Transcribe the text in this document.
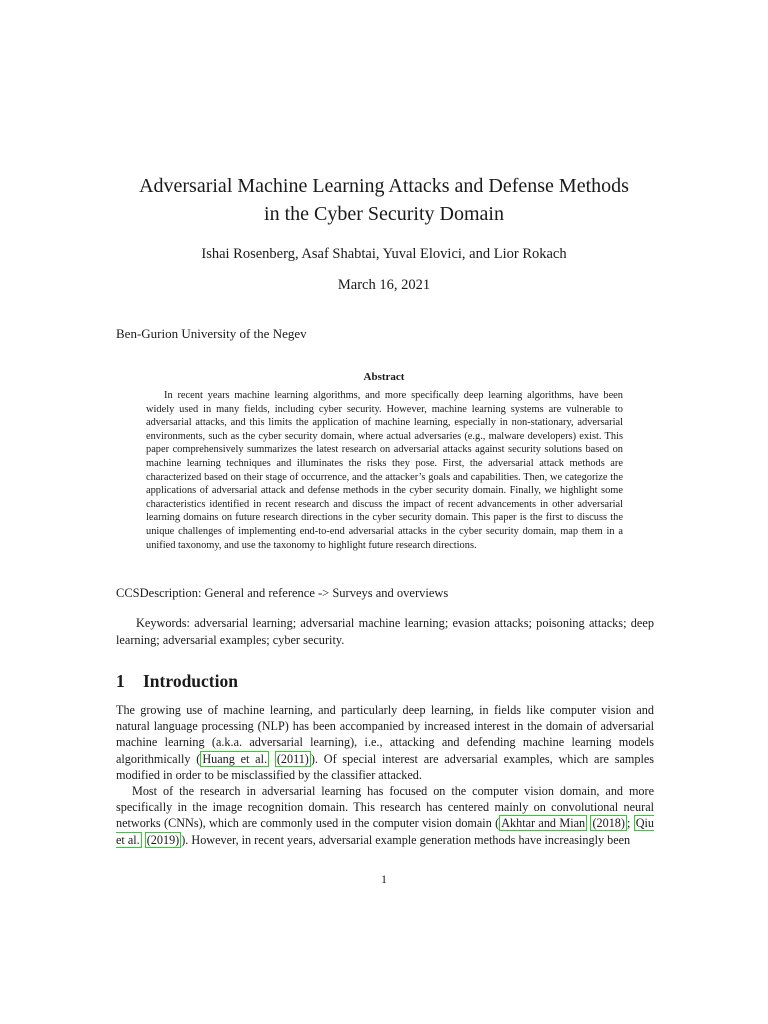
Adversarial Machine Learning Attacks and Defense Methods
in the Cyber Security Domain
Ishai Rosenberg, Asaf Shabtai, Yuval Elovici, and Lior Rokach
March 16, 2021
Ben-Gurion University of the Negev
Abstract

In recent years machine learning algorithms, and more specifically deep learning algorithms, have been widely used in many fields, including cyber security. However, machine learning systems are vulnerable to adversarial attacks, and this limits the application of machine learning, especially in non-stationary, adversarial environments, such as the cyber security domain, where actual adversaries (e.g., malware developers) exist. This paper comprehensively summarizes the latest research on adversarial attacks against security solutions based on machine learning techniques and illuminates the risks they pose. First, the adversarial attack methods are characterized based on their stage of occurrence, and the attacker’s goals and capabilities. Then, we categorize the applications of adversarial attack and defense methods in the cyber security domain. Finally, we highlight some characteristics identified in recent research and discuss the impact of recent advancements in other adversarial learning domains on future research directions in the cyber security domain. This paper is the first to discuss the unique challenges of implementing end-to-end adversarial attacks in the cyber security domain, map them in a unified taxonomy, and use the taxonomy to highlight future research directions.

CCSDescription: General and reference -> Surveys and overviews

Keywords: adversarial learning; adversarial machine learning; evasion attacks; poisoning attacks; deep learning; adversarial examples; cyber security.

1 Introduction

The growing use of machine learning, and particularly deep learning, in fields like computer vision and natural language processing (NLP) has been accompanied by increased interest in the domain of adversarial machine learning (a.k.a. adversarial learning), i.e., attacking and defending machine learning models algorithmically ( Huang et al. (2011) ). Of special interest are adversarial examples, which are samples modified in order to be misclassified by the classifier attacked.

Most of the research in adversarial learning has focused on the computer vision domain, and more specifically in the image recognition domain. This research has centered mainly on convolutional neural networks (CNNs), which are commonly used in the computer vision domain ( Akhtar and Mian (2018) ; Qiu et al. (2019) ). However, in recent years, adversarial example generation methods have increasingly been

1
